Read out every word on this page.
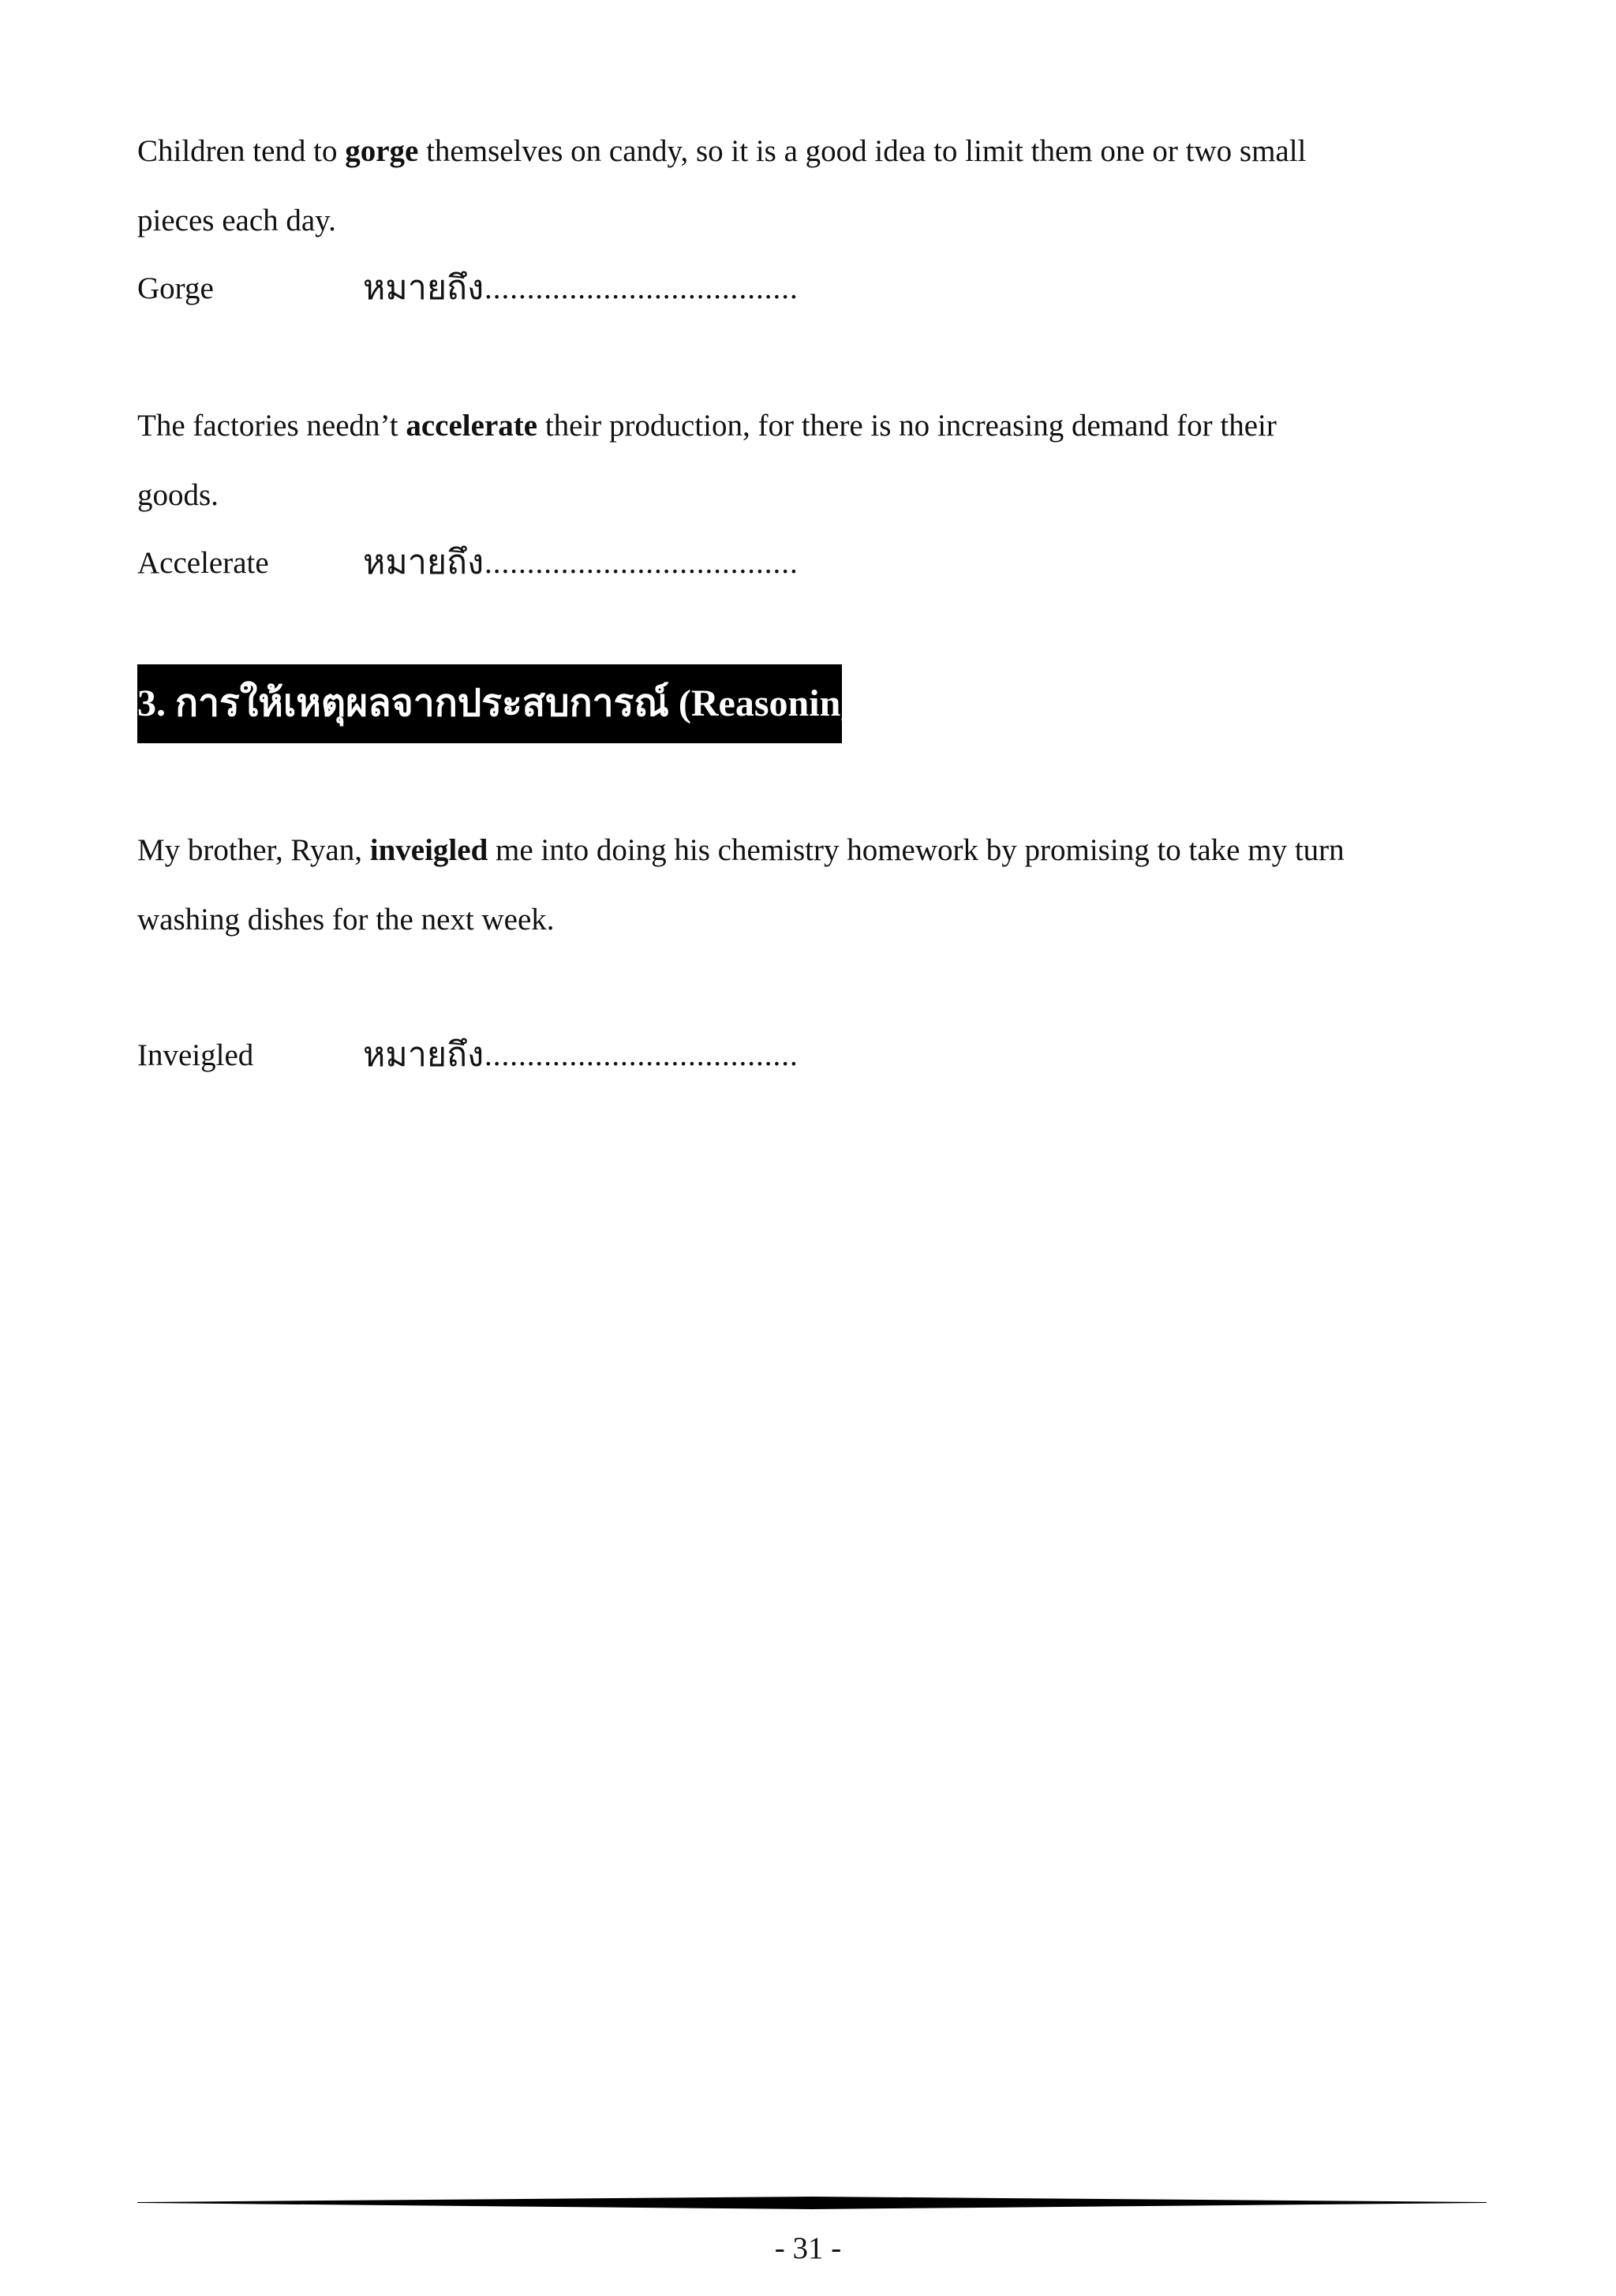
Children tend to gorge themselves on candy, so it is a good idea to limit them one or two small

pieces each day.

Gorge	หมายถึง .....................................

The factories needn’t accelerate their production, for there is no increasing demand for their

goods.

Accelerate	หมายถึง .....................................
3. การให้เหตุผลจากประสบการณ์ (Reasoning)

My brother, Ryan, inveigled me into doing his chemistry homework by promising to take my turn

washing dishes for the next week.

Inveigled	หมายถึง .....................................
- 31 -
